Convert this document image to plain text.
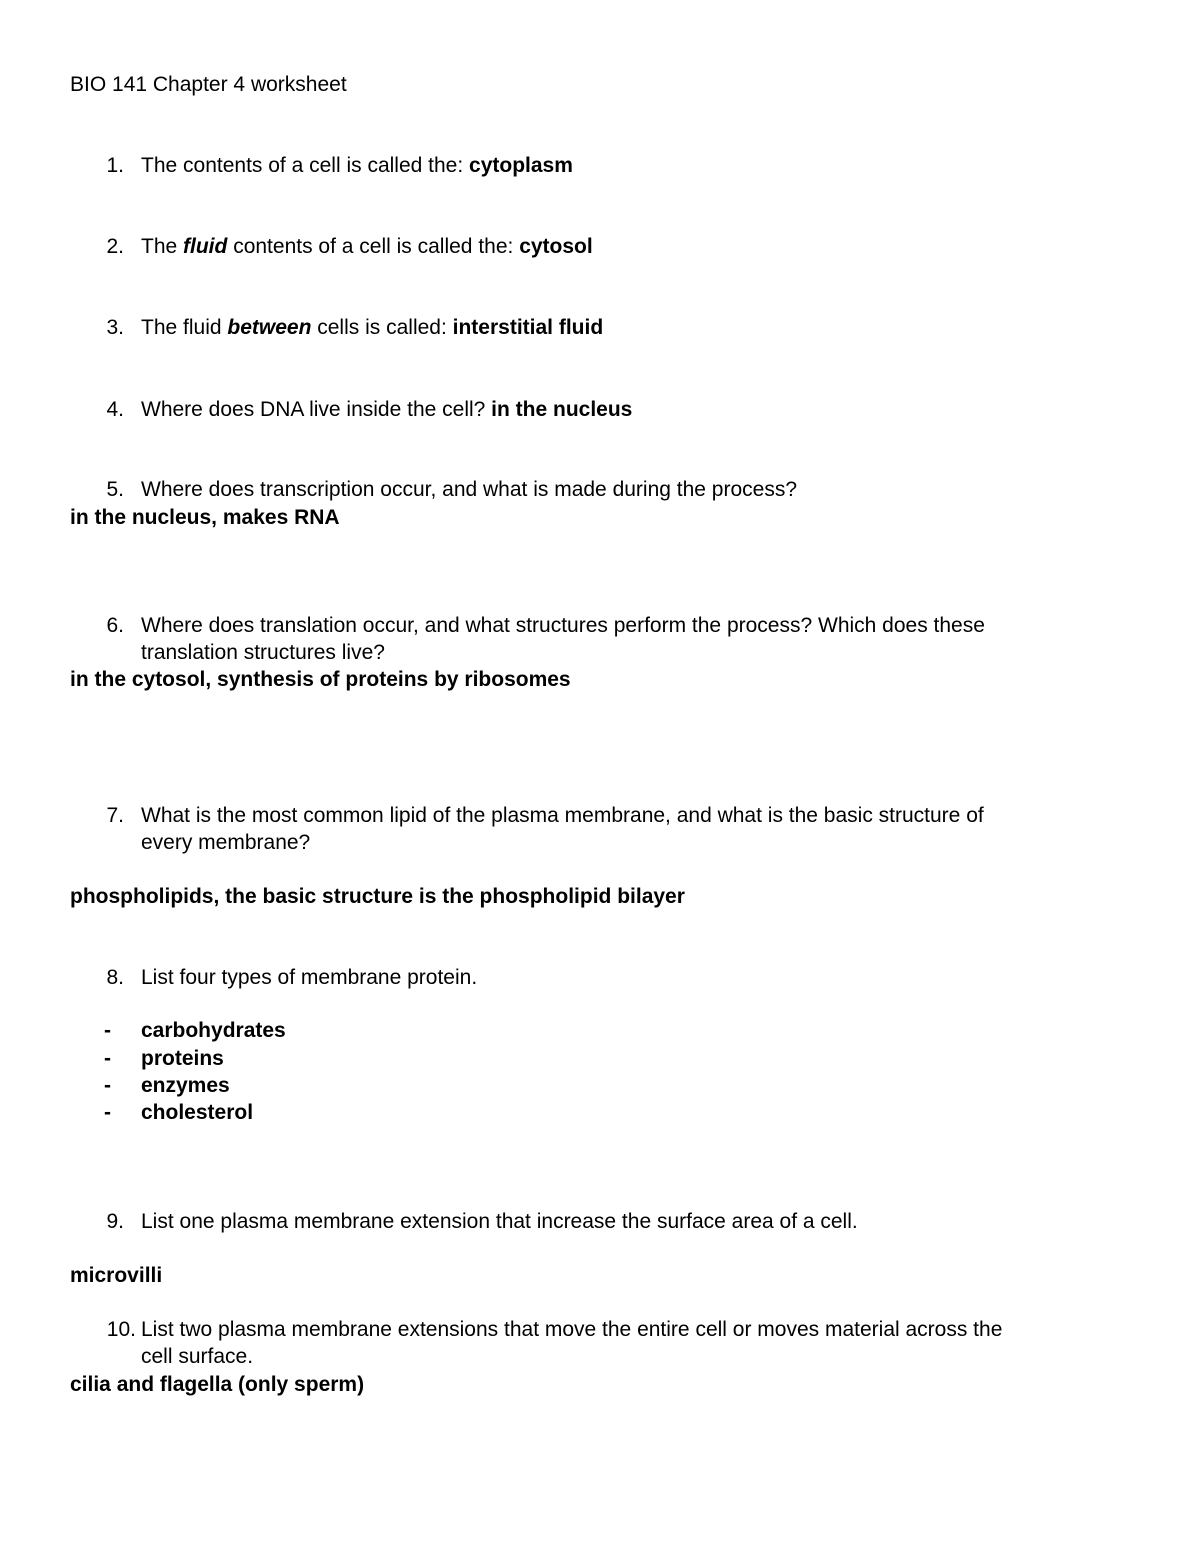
BIO 141 Chapter 4 worksheet
1. The contents of a cell is called the: cytoplasm
2. The fluid contents of a cell is called the: cytosol
3. The fluid between cells is called: interstitial fluid
4. Where does DNA live inside the cell? in the nucleus
5. Where does transcription occur, and what is made during the process?
in the nucleus, makes RNA
6. Where does translation occur, and what structures perform the process? Which does these
translation structures live?
in the cytosol, synthesis of proteins by ribosomes
7. What is the most common lipid of the plasma membrane, and what is the basic structure of
every membrane?
phospholipids, the basic structure is the phospholipid bilayer
8. List four types of membrane protein.
- carbohydrates
- proteins
- enzymes
- cholesterol
9. List one plasma membrane extension that increase the surface area of a cell.
microvilli
10. List two plasma membrane extensions that move the entire cell or moves material across the
cell surface.
cilia and flagella (only sperm)
